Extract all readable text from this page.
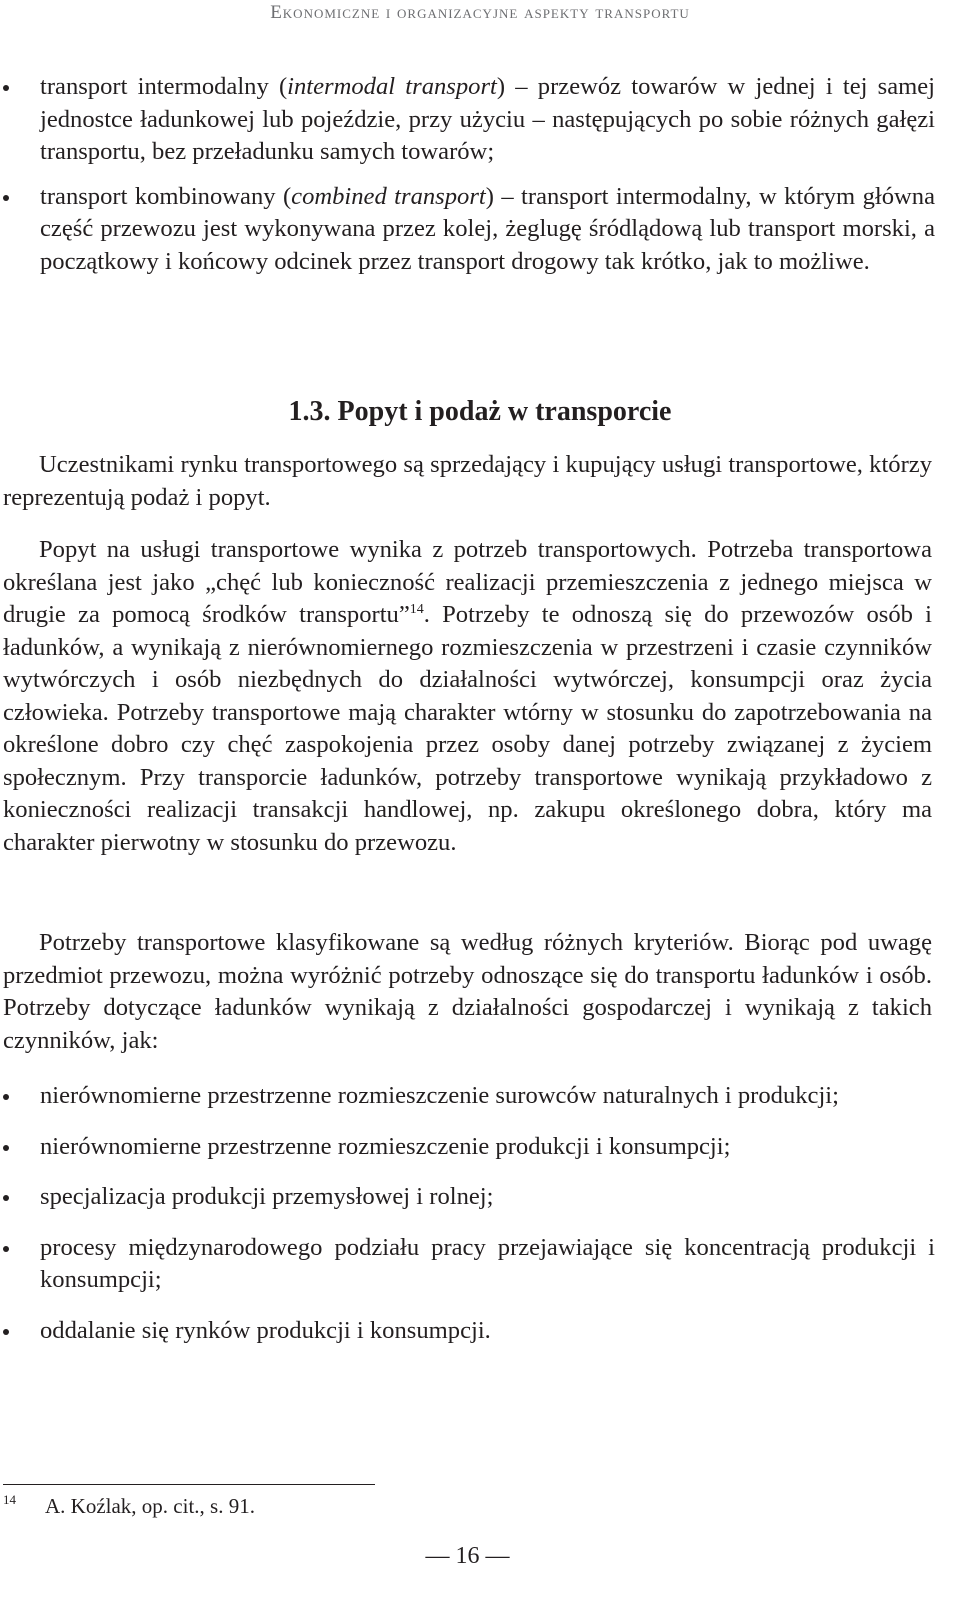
Ekonomiczne i organizacyjne aspekty transportu
transport intermodalny (intermodal transport) – przewóz towarów w jednej i tej samej jednostce ładunkowej lub pojeździe, przy użyciu – następujących po sobie różnych gałęzi transportu, bez przeładunku samych towarów;
transport kombinowany (combined transport) – transport intermodalny, w którym główna część przewozu jest wykonywana przez kolej, żeglugę śródlądową lub transport morski, a początkowy i końcowy odcinek przez transport drogowy tak krótko, jak to możliwe.
1.3. Popyt i podaż w transporcie

Uczestnikami rynku transportowego są sprzedający i kupujący usługi transportowe, którzy reprezentują podaż i popyt.

Popyt na usługi transportowe wynika z potrzeb transportowych. Potrzeba transportowa określana jest jako „chęć lub konieczność realizacji przemieszczenia z jednego miejsca w drugie za pomocą środków transportu”$^{14}$. Potrzeby te odnoszą się do przewozów osób i ładunków, a wynikają z nierównomiernego rozmieszczenia w przestrzeni i czasie czynników wytwórczych i osób niezbędnych do działalności wytwórczej, konsumpcji oraz życia człowieka. Potrzeby transportowe mają charakter wtórny w stosunku do zapotrzebowania na określone dobro czy chęć zaspokojenia przez osoby danej potrzeby związanej z życiem społecznym. Przy transporcie ładunków, potrzeby transportowe wynikają przykładowo z konieczności realizacji transakcji handlowej, np. zakupu określonego dobra, który ma charakter pierwotny w stosunku do przewozu.

Potrzeby transportowe klasyfikowane są według różnych kryteriów. Biorąc pod uwagę przedmiot przewozu, można wyróżnić potrzeby odnoszące się do transportu ładunków i osób. Potrzeby dotyczące ładunków wynikają z działalności gospodarczej i wynikają z takich czynników, jak:

nierównomierne przestrzenne rozmieszczenie surowców naturalnych i produkcji;
nierównomierne przestrzenne rozmieszczenie produkcji i konsumpcji;
specjalizacja produkcji przemysłowej i rolnej;
procesy międzynarodowego podziału pracy przejawiające się koncentracją produkcji i konsumpcji;
oddalanie się rynków produkcji i konsumpcji.
14 A. Koźlak, op. cit., s. 91.
— 16 —
